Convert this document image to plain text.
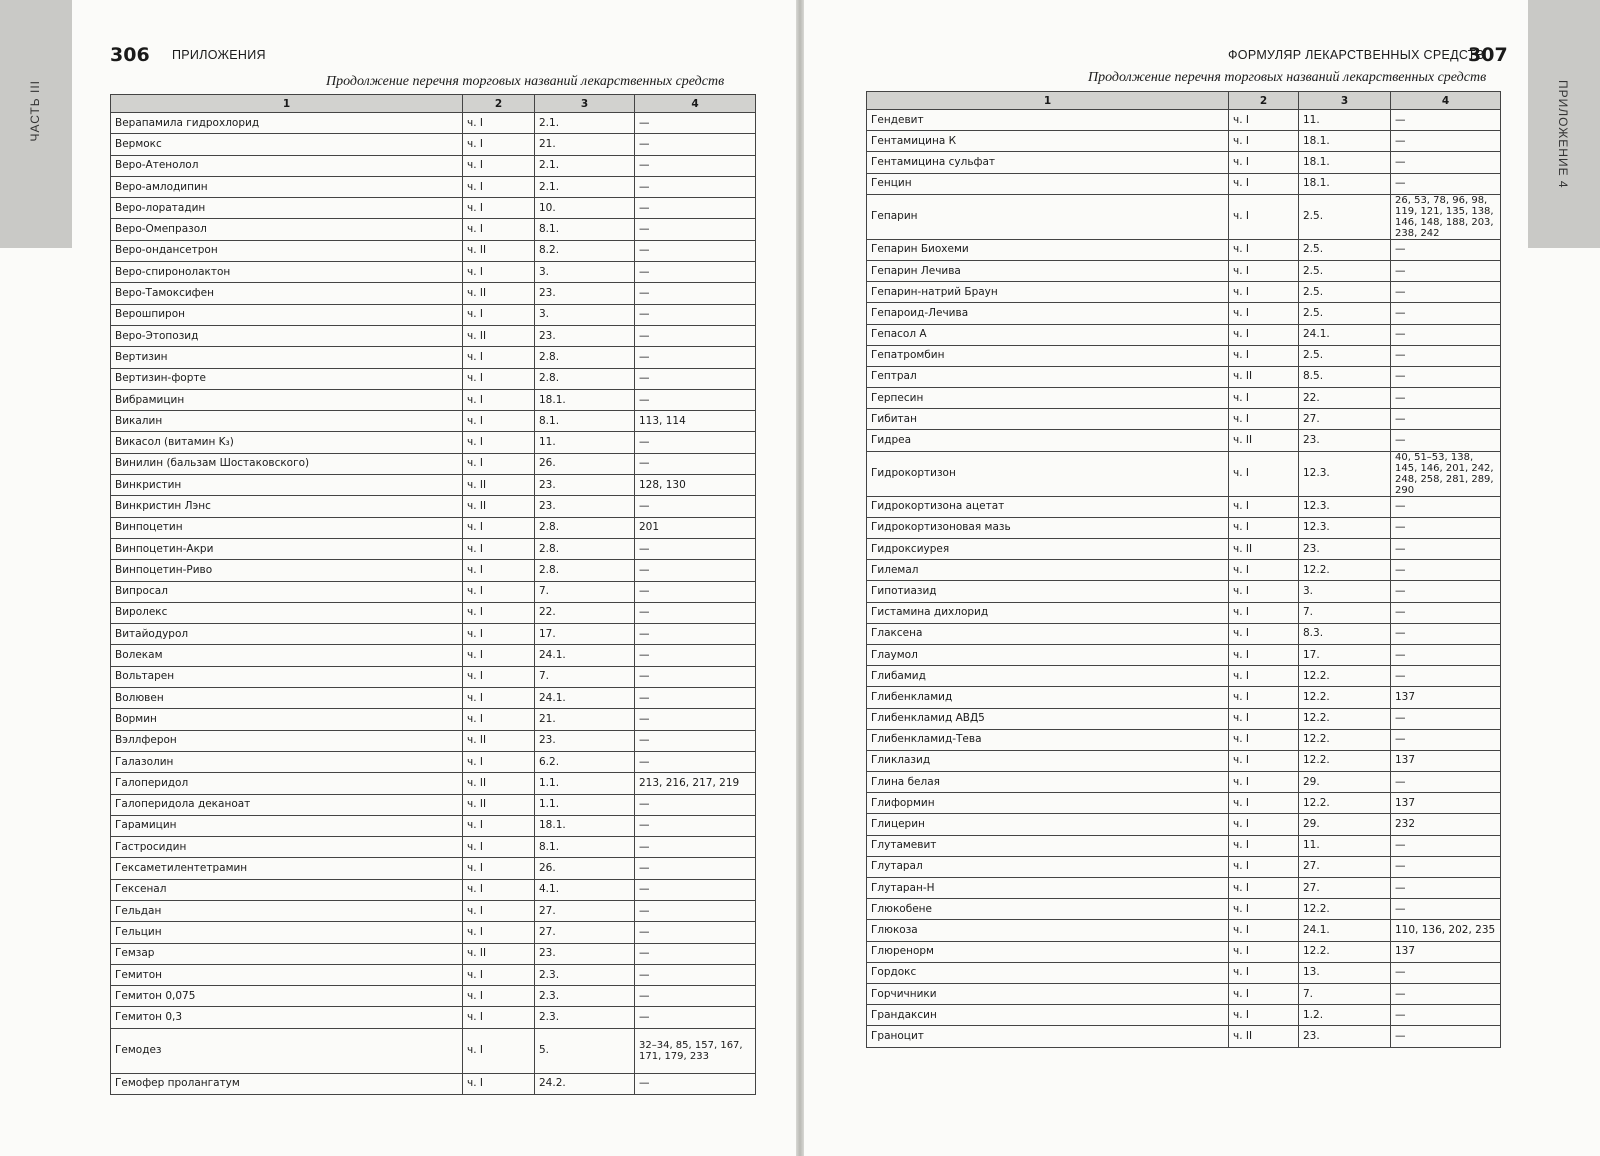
ЧАСТЬ III
306 ПРИЛОЖЕНИЯ
Продолжение перечня торговых названий лекарственных средств
1	2	3	4
Верапамила гидрохлорид	ч. I	2.1.	—
Вермокс	ч. I	21.	—
Веро-Атенолол	ч. I	2.1.	—
Веро-амлодипин	ч. I	2.1.	—
Веро-лоратадин	ч. I	10.	—
Веро-Омепразол	ч. I	8.1.	—
Веро-ондансетрон	ч. II	8.2.	—
Веро-спиронолактон	ч. I	3.	—
Веро-Тамоксифен	ч. II	23.	—
Верошпирон	ч. I	3.	—
Веро-Этопозид	ч. II	23.	—
Вертизин	ч. I	2.8.	—
Вертизин-форте	ч. I	2.8.	—
Вибрамицин	ч. I	18.1.	—
Викалин	ч. I	8.1.	113, 114
Викасол (витамин K₃)	ч. I	11.	—
Винилин (бальзам Шостаковского)	ч. I	26.	—
Винкристин	ч. II	23.	128, 130
Винкристин Лэнс	ч. II	23.	—
Винпоцетин	ч. I	2.8.	201
Винпоцетин-Акри	ч. I	2.8.	—
Винпоцетин-Риво	ч. I	2.8.	—
Випросал	ч. I	7.	—
Виролекс	ч. I	22.	—
Витайодурол	ч. I	17.	—
Волекам	ч. I	24.1.	—
Вольтарен	ч. I	7.	—
Волювен	ч. I	24.1.	—
Вормин	ч. I	21.	—
Вэллферон	ч. II	23.	—
Галазолин	ч. I	6.2.	—
Галоперидол	ч. II	1.1.	213, 216, 217, 219
Галоперидола деканоат	ч. II	1.1.	—
Гарамицин	ч. I	18.1.	—
Гастросидин	ч. I	8.1.	—
Гексаметилентетрамин	ч. I	26.	—
Гексенал	ч. I	4.1.	—
Гельдан	ч. I	27.	—
Гельцин	ч. I	27.	—
Гемзар	ч. II	23.	—
Гемитон	ч. I	2.3.	—
Гемитон 0,075	ч. I	2.3.	—
Гемитон 0,3	ч. I	2.3.	—
Гемодез	ч. I	5.	32–34, 85, 157, 167, 171, 179, 233
Гемофер пролангатум	ч. I	24.2.	—
ПРИЛОЖЕНИЕ 4
307
ФОРМУЛЯР ЛЕКАРСТВЕННЫХ СРЕДСТВ
Продолжение перечня торговых названий лекарственных средств
1	2	3	4
Гендевит	ч. I	11.	—
Гентамицина К	ч. I	18.1.	—
Гентамицина сульфат	ч. I	18.1.	—
Генцин	ч. I	18.1.	—
Гепарин	ч. I	2.5.	26, 53, 78, 96, 98, 119, 121, 135, 138, 146, 148, 188, 203, 238, 242
Гепарин Биохеми	ч. I	2.5.	—
Гепарин Лечива	ч. I	2.5.	—
Гепарин-натрий Браун	ч. I	2.5.	—
Гепароид-Лечива	ч. I	2.5.	—
Гепасол А	ч. I	24.1.	—
Гепатромбин	ч. I	2.5.	—
Гептрал	ч. II	8.5.	—
Герпесин	ч. I	22.	—
Гибитан	ч. I	27.	—
Гидреа	ч. II	23.	—
Гидрокортизон	ч. I	12.3.	40, 51–53, 138, 145, 146, 201, 242, 248, 258, 281, 289, 290
Гидрокортизона ацетат	ч. I	12.3.	—
Гидрокортизоновая мазь	ч. I	12.3.	—
Гидроксиурея	ч. II	23.	—
Гилемал	ч. I	12.2.	—
Гипотиазид	ч. I	3.	—
Гистамина дихлорид	ч. I	7.	—
Глаксена	ч. I	8.3.	—
Глаумол	ч. I	17.	—
Глибамид	ч. I	12.2.	—
Глибенкламид	ч. I	12.2.	137
Глибенкламид АВД5	ч. I	12.2.	—
Глибенкламид-Тева	ч. I	12.2.	—
Гликлазид	ч. I	12.2.	137
Глина белая	ч. I	29.	—
Глиформин	ч. I	12.2.	137
Глицерин	ч. I	29.	232
Глутамевит	ч. I	11.	—
Глутарал	ч. I	27.	—
Глутаран-Н	ч. I	27.	—
Глюкобене	ч. I	12.2.	—
Глюкоза	ч. I	24.1.	110, 136, 202, 235
Глюренорм	ч. I	12.2.	137
Гордокс	ч. I	13.	—
Горчичники	ч. I	7.	—
Грандаксин	ч. I	1.2.	—
Граноцит	ч. II	23.	—
